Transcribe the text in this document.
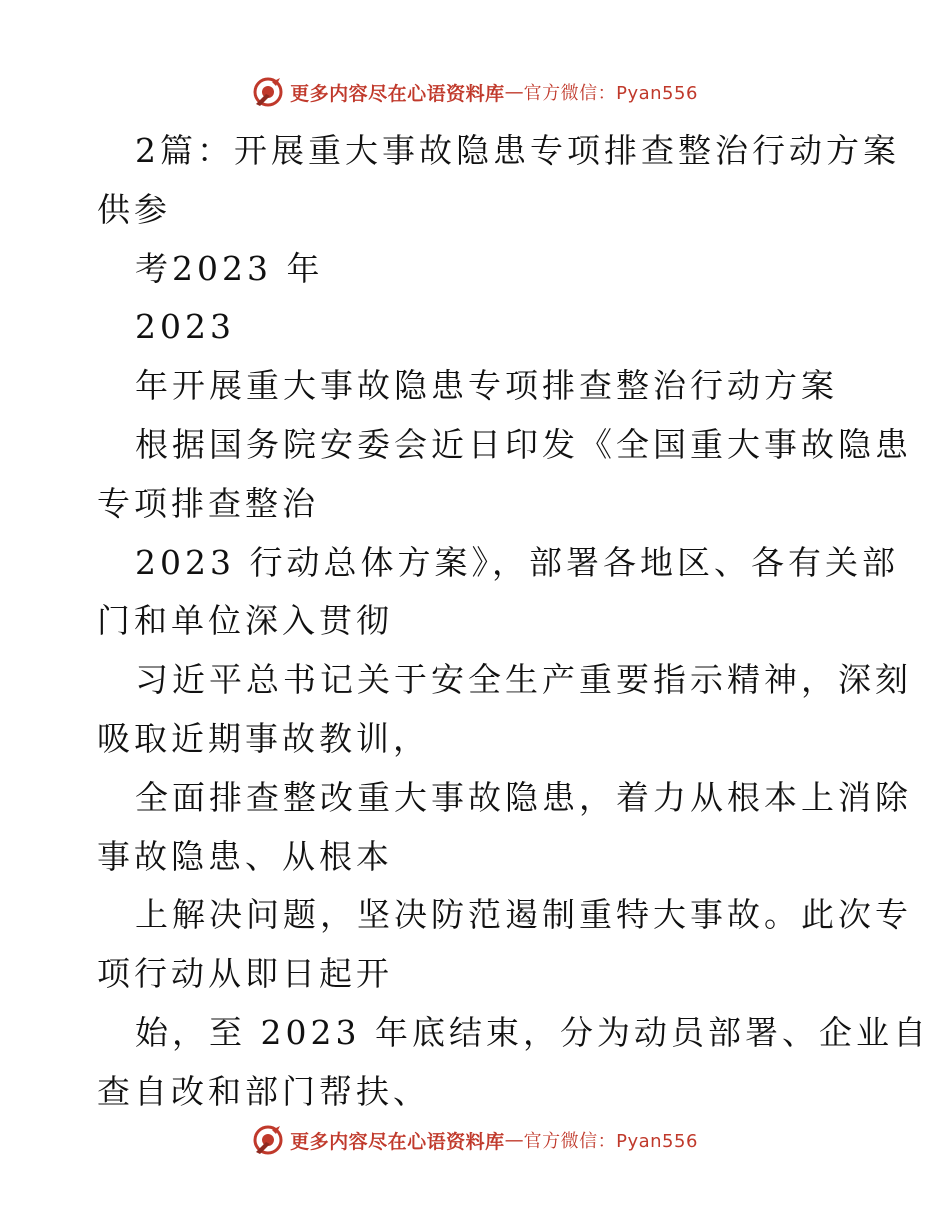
更多内容尽在心语资料库 — 官方微信：Pyan556
2篇：开展重大事故隐患专项排查整治行动方案
供参
考2023 年
2023
年开展重大事故隐患专项排查整治行动方案
根据国务院安委会近日印发《全国重大事故隐患
专项排查整治
2023 行动总体方案》，部署各地区、各有关部
门和单位深入贯彻
习近平总书记关于安全生产重要指示精神，深刻
吸取近期事故教训，
全面排查整改重大事故隐患，着力从根本上消除
事故隐患、从根本
上解决问题，坚决防范遏制重特大事故。此次专
项行动从即日起开
始，至 2023 年底结束，分为动员部署、企业自
查自改和部门帮扶、
更多内容尽在心语资料库 — 官方微信：Pyan556
